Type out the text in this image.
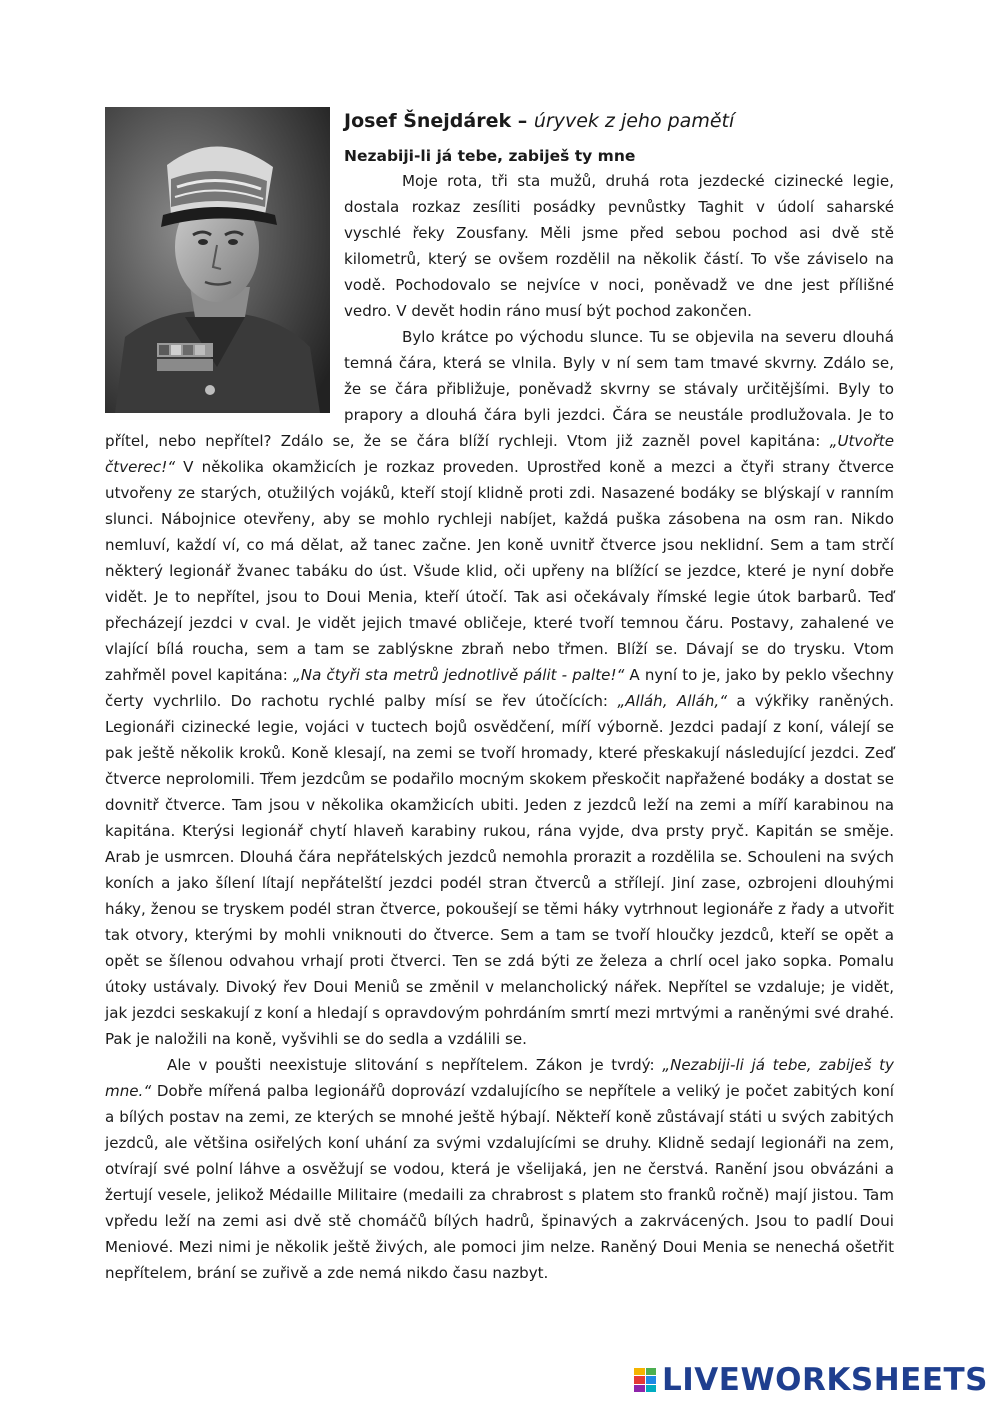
Josef Šnejdárek – úryvek z jeho pamětí
Nezabiji-li já tebe, zabiješ ty mne

Moje rota, tři sta mužů, druhá rota jezdecké cizinecké legie, dostala rozkaz zesíliti posádky pevnůstky Taghit v údolí saharské vyschlé řeky Zousfany. Měli jsme před sebou pochod asi dvě stě kilometrů, který se ovšem rozdělil na několik částí. To vše záviselo na vodě. Pochodovalo se nejvíce v noci, poněvadž ve dne jest přílišné vedro. V devět hodin ráno musí být pochod zakončen.

Bylo krátce po východu slunce. Tu se objevila na severu dlouhá temná čára, která se vlnila. Byly v ní sem tam tmavé skvrny. Zdálo se, že se čára přibližuje, poněvadž skvrny se stávaly určitějšími. Byly to prapory a dlouhá čára byli jezdci. Čára se neustále prodlužovala. Je to přítel, nebo nepřítel? Zdálo se, že se čára blíží rychleji. Vtom již zazněl povel kapitána: „Utvořte čtverec!“ V několika okamžicích je rozkaz proveden. Uprostřed koně a mezci a čtyři strany čtverce utvořeny ze starých, otužilých vojáků, kteří stojí klidně proti zdi. Nasazené bodáky se blýskají v ranním slunci. Nábojnice otevřeny, aby se mohlo rychleji nabíjet, každá puška zásobena na osm ran. Nikdo nemluví, každí ví, co má dělat, až tanec začne. Jen koně uvnitř čtverce jsou neklidní. Sem a tam strčí některý legionář žvanec tabáku do úst. Všude klid, oči upřeny na blížící se jezdce, které je nyní dobře vidět. Je to nepřítel, jsou to Doui Menia, kteří útočí. Tak asi očekávaly římské legie útok barbarů. Teď přecházejí jezdci v cval. Je vidět jejich tmavé obličeje, které tvoří temnou čáru. Postavy, zahalené ve vlající bílá roucha, sem a tam se zablýskne zbraň nebo třmen. Blíží se. Dávají se do trysku. Vtom zahřměl povel kapitána: „Na čtyři sta metrů jednotlivě pálit - palte!“ A nyní to je, jako by peklo všechny čerty vychrlilo. Do rachotu rychlé palby mísí se řev útočících: „Alláh, Alláh,“ a výkřiky raněných. Legionáři cizinecké legie, vojáci v tuctech bojů osvědčení, míří výborně. Jezdci padají z koní, válejí se pak ještě několik kroků. Koně klesají, na zemi se tvoří hromady, které přeskakují následující jezdci. Zeď čtverce neprolomili. Třem jezdcům se podařilo mocným skokem přeskočit napřažené bodáky a dostat se dovnitř čtverce. Tam jsou v několika okamžicích ubiti. Jeden z jezdců leží na zemi a míří karabinou na kapitána. Kterýsi legionář chytí hlaveň karabiny rukou, rána vyjde, dva prsty pryč. Kapitán se směje. Arab je usmrcen. Dlouhá čára nepřátelských jezdců nemohla prorazit a rozdělila se. Schouleni na svých koních a jako šílení lítají nepřátelští jezdci podél stran čtverců a střílejí. Jiní zase, ozbrojeni dlouhými háky, ženou se tryskem podél stran čtverce, pokoušejí se těmi háky vytrhnout legionáře z řady a utvořit tak otvory, kterými by mohli vniknouti do čtverce. Sem a tam se tvoří hloučky jezdců, kteří se opět a opět se šílenou odvahou vrhají proti čtverci. Ten se zdá býti ze železa a chrlí ocel jako sopka. Pomalu útoky ustávaly. Divoký řev Doui Meniů se změnil v melancholický nářek. Nepřítel se vzdaluje; je vidět, jak jezdci seskakují z koní a hledají s opravdovým pohrdáním smrtí mezi mrtvými a raněnými své drahé. Pak je naložili na koně, vyšvihli se do sedla a vzdálili se.

Ale v poušti neexistuje slitování s nepřítelem. Zákon je tvrdý: „Nezabiji-li já tebe, zabiješ ty mne.“ Dobře mířená palba legionářů doprovází vzdalujícího se nepřítele a veliký je počet zabitých koní a bílých postav na zemi, ze kterých se mnohé ještě hýbají. Někteří koně zůstávají státi u svých zabitých jezdců, ale většina osiřelých koní uhání za svými vzdalujícími se druhy. Klidně sedají legionáři na zem, otvírají své polní láhve a osvěžují se vodou, která je všelijaká, jen ne čerstvá. Ranění jsou obvázáni a žertují vesele, jelikož Médaille Militaire (medaili za chrabrost s platem sto franků ročně) mají jistou. Tam vpředu leží na zemi asi dvě stě chomáčů bílých hadrů, špinavých a zakrvácených. Jsou to padlí Doui Meniové. Mezi nimi je několik ještě živých, ale pomoci jim nelze. Raněný Doui Menia se nenechá ošetřit nepřítelem, brání se zuřivě a zde nemá nikdo času nazbyt.

LIVEWORKSHEETS
